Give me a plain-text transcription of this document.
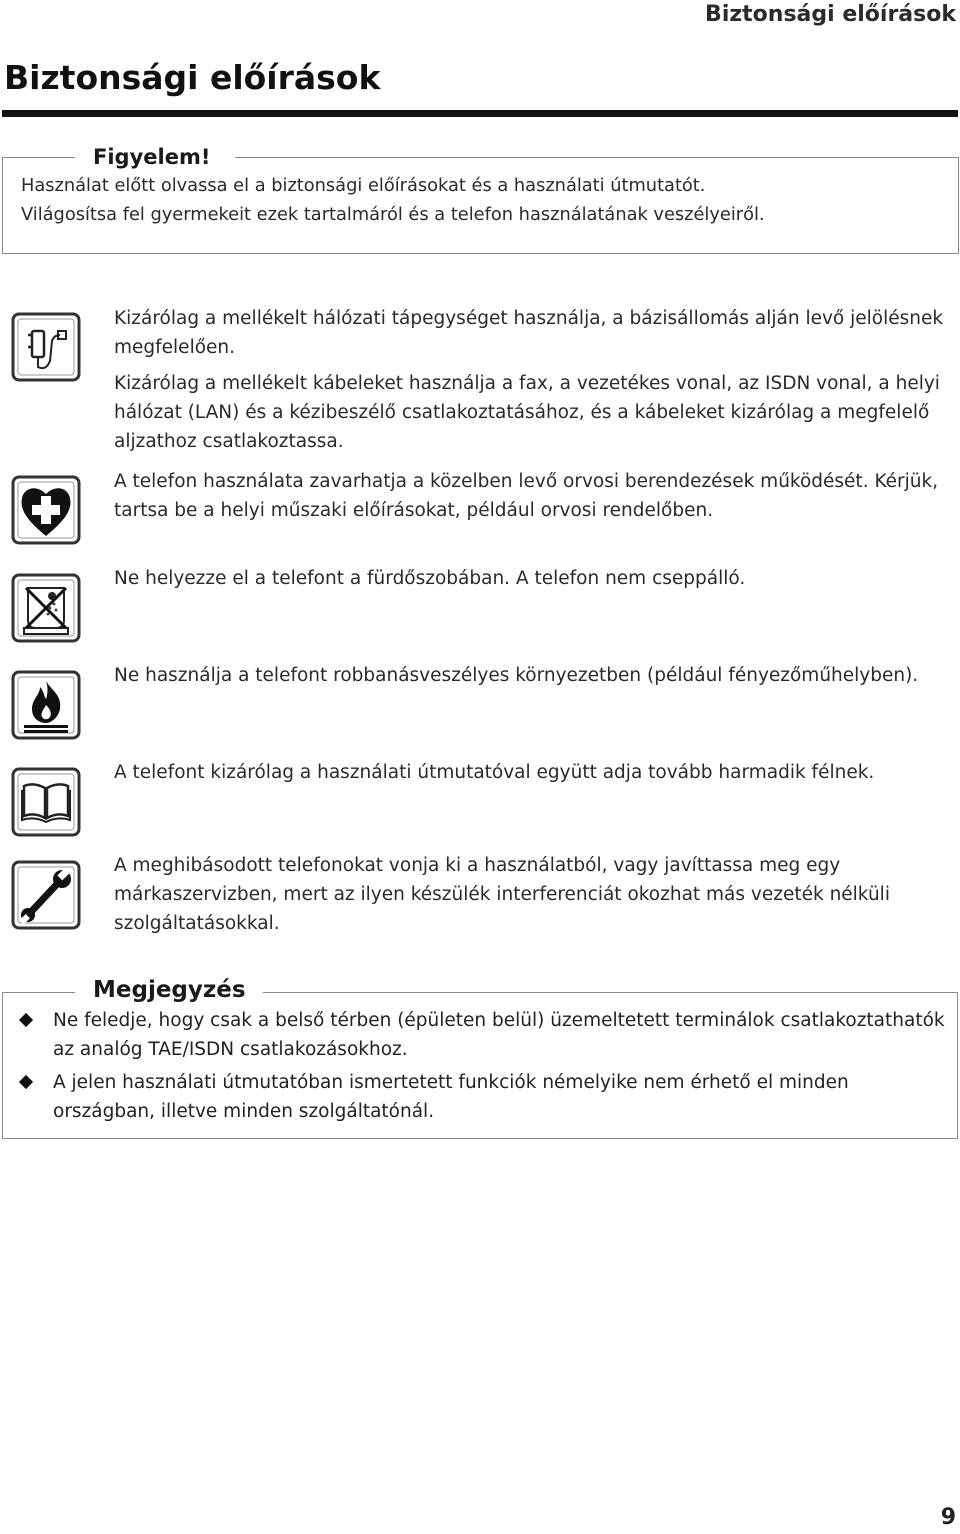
Biztonsági előírások
Biztonsági előírások
Figyelem!
Használat előtt olvassa el a biztonsági előírásokat és a használati útmutatót.
Világosítsa fel gyermekeit ezek tartalmáról és a telefon használatának veszélyeiről.
Kizárólag a mellékelt hálózati tápegységet használja, a bázisállomás alján levő jelölésnek megfelelően.
Kizárólag a mellékelt kábeleket használja a fax, a vezetékes vonal, az ISDN vonal, a helyi hálózat (LAN) és a kézibeszélő csatlakoztatásához, és a kábeleket kizárólag a megfelelő aljzathoz csatlakoztassa.
A telefon használata zavarhatja a közelben levő orvosi berendezések működését. Kérjük, tartsa be a helyi műszaki előírásokat, például orvosi rendelőben.
Ne helyezze el a telefont a fürdőszobában. A telefon nem cseppálló.
Ne használja a telefont robbanásveszélyes környezetben (például fényezőműhelyben).
A telefont kizárólag a használati útmutatóval együtt adja tovább harmadik félnek.
A meghibásodott telefonokat vonja ki a használatból, vagy javíttassa meg egy márkaszervizben, mert az ilyen készülék interferenciát okozhat más vezeték nélküli szolgáltatásokkal.
Megjegyzés
Ne feledje, hogy csak a belső térben (épületen belül) üzemeltetett terminálok csatlakoztathatók az analóg TAE/ISDN csatlakozásokhoz.
A jelen használati útmutatóban ismertetett funkciók némelyike nem érhető el minden országban, illetve minden szolgáltatónál.
9
